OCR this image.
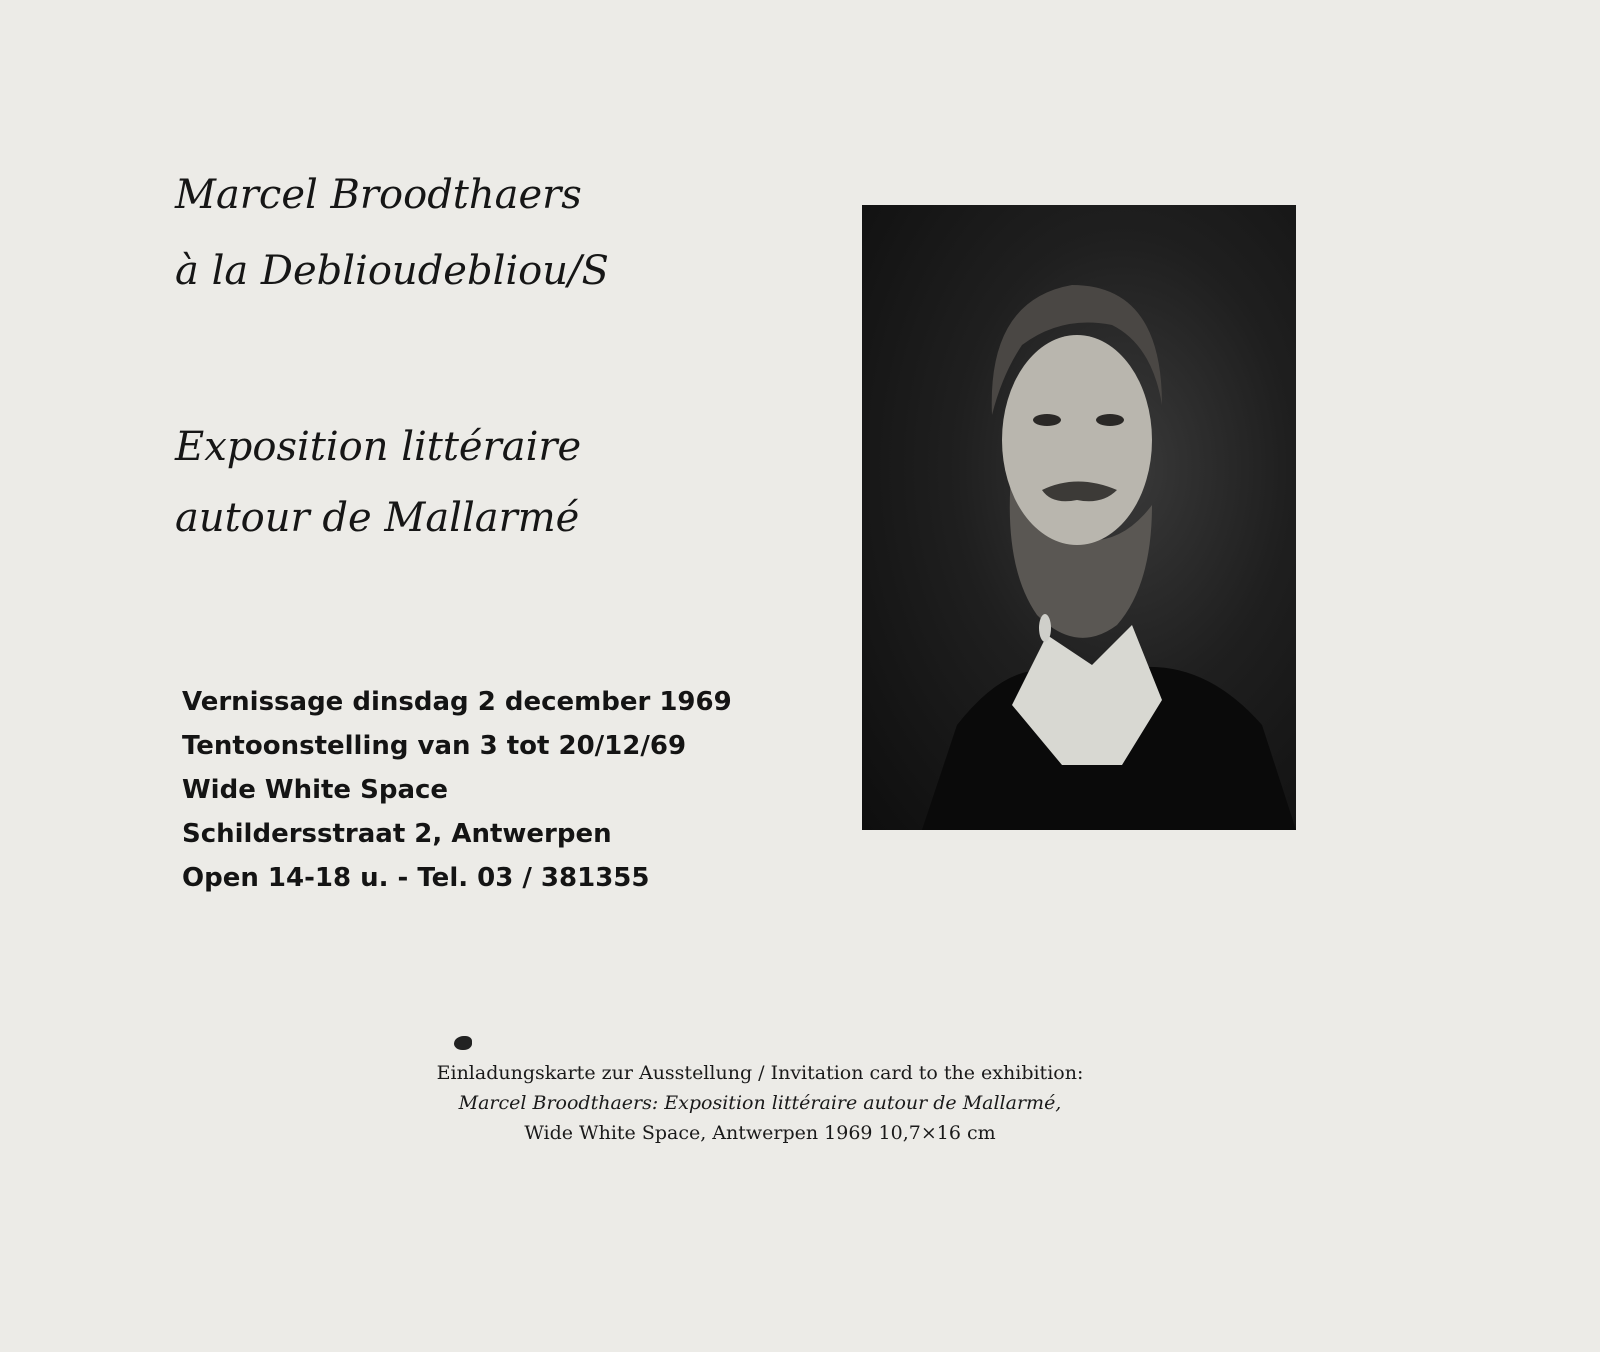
Marcel Broodthaers
à la Deblioudebliou/S
Exposition littéraire
autour de Mallarmé
Vernissage dinsdag 2 december 1969
Tentoonstelling van 3 tot 20/12/69
Wide White Space
Schildersstraat 2, Antwerpen
Open 14-18 u. - Tel. 03 / 381355
Einladungskarte zur Ausstellung / Invitation card to the exhibition:
Marcel Broodthaers: Exposition littéraire autour de Mallarmé,
Wide White Space, Antwerpen 1969 10,7×16 cm
